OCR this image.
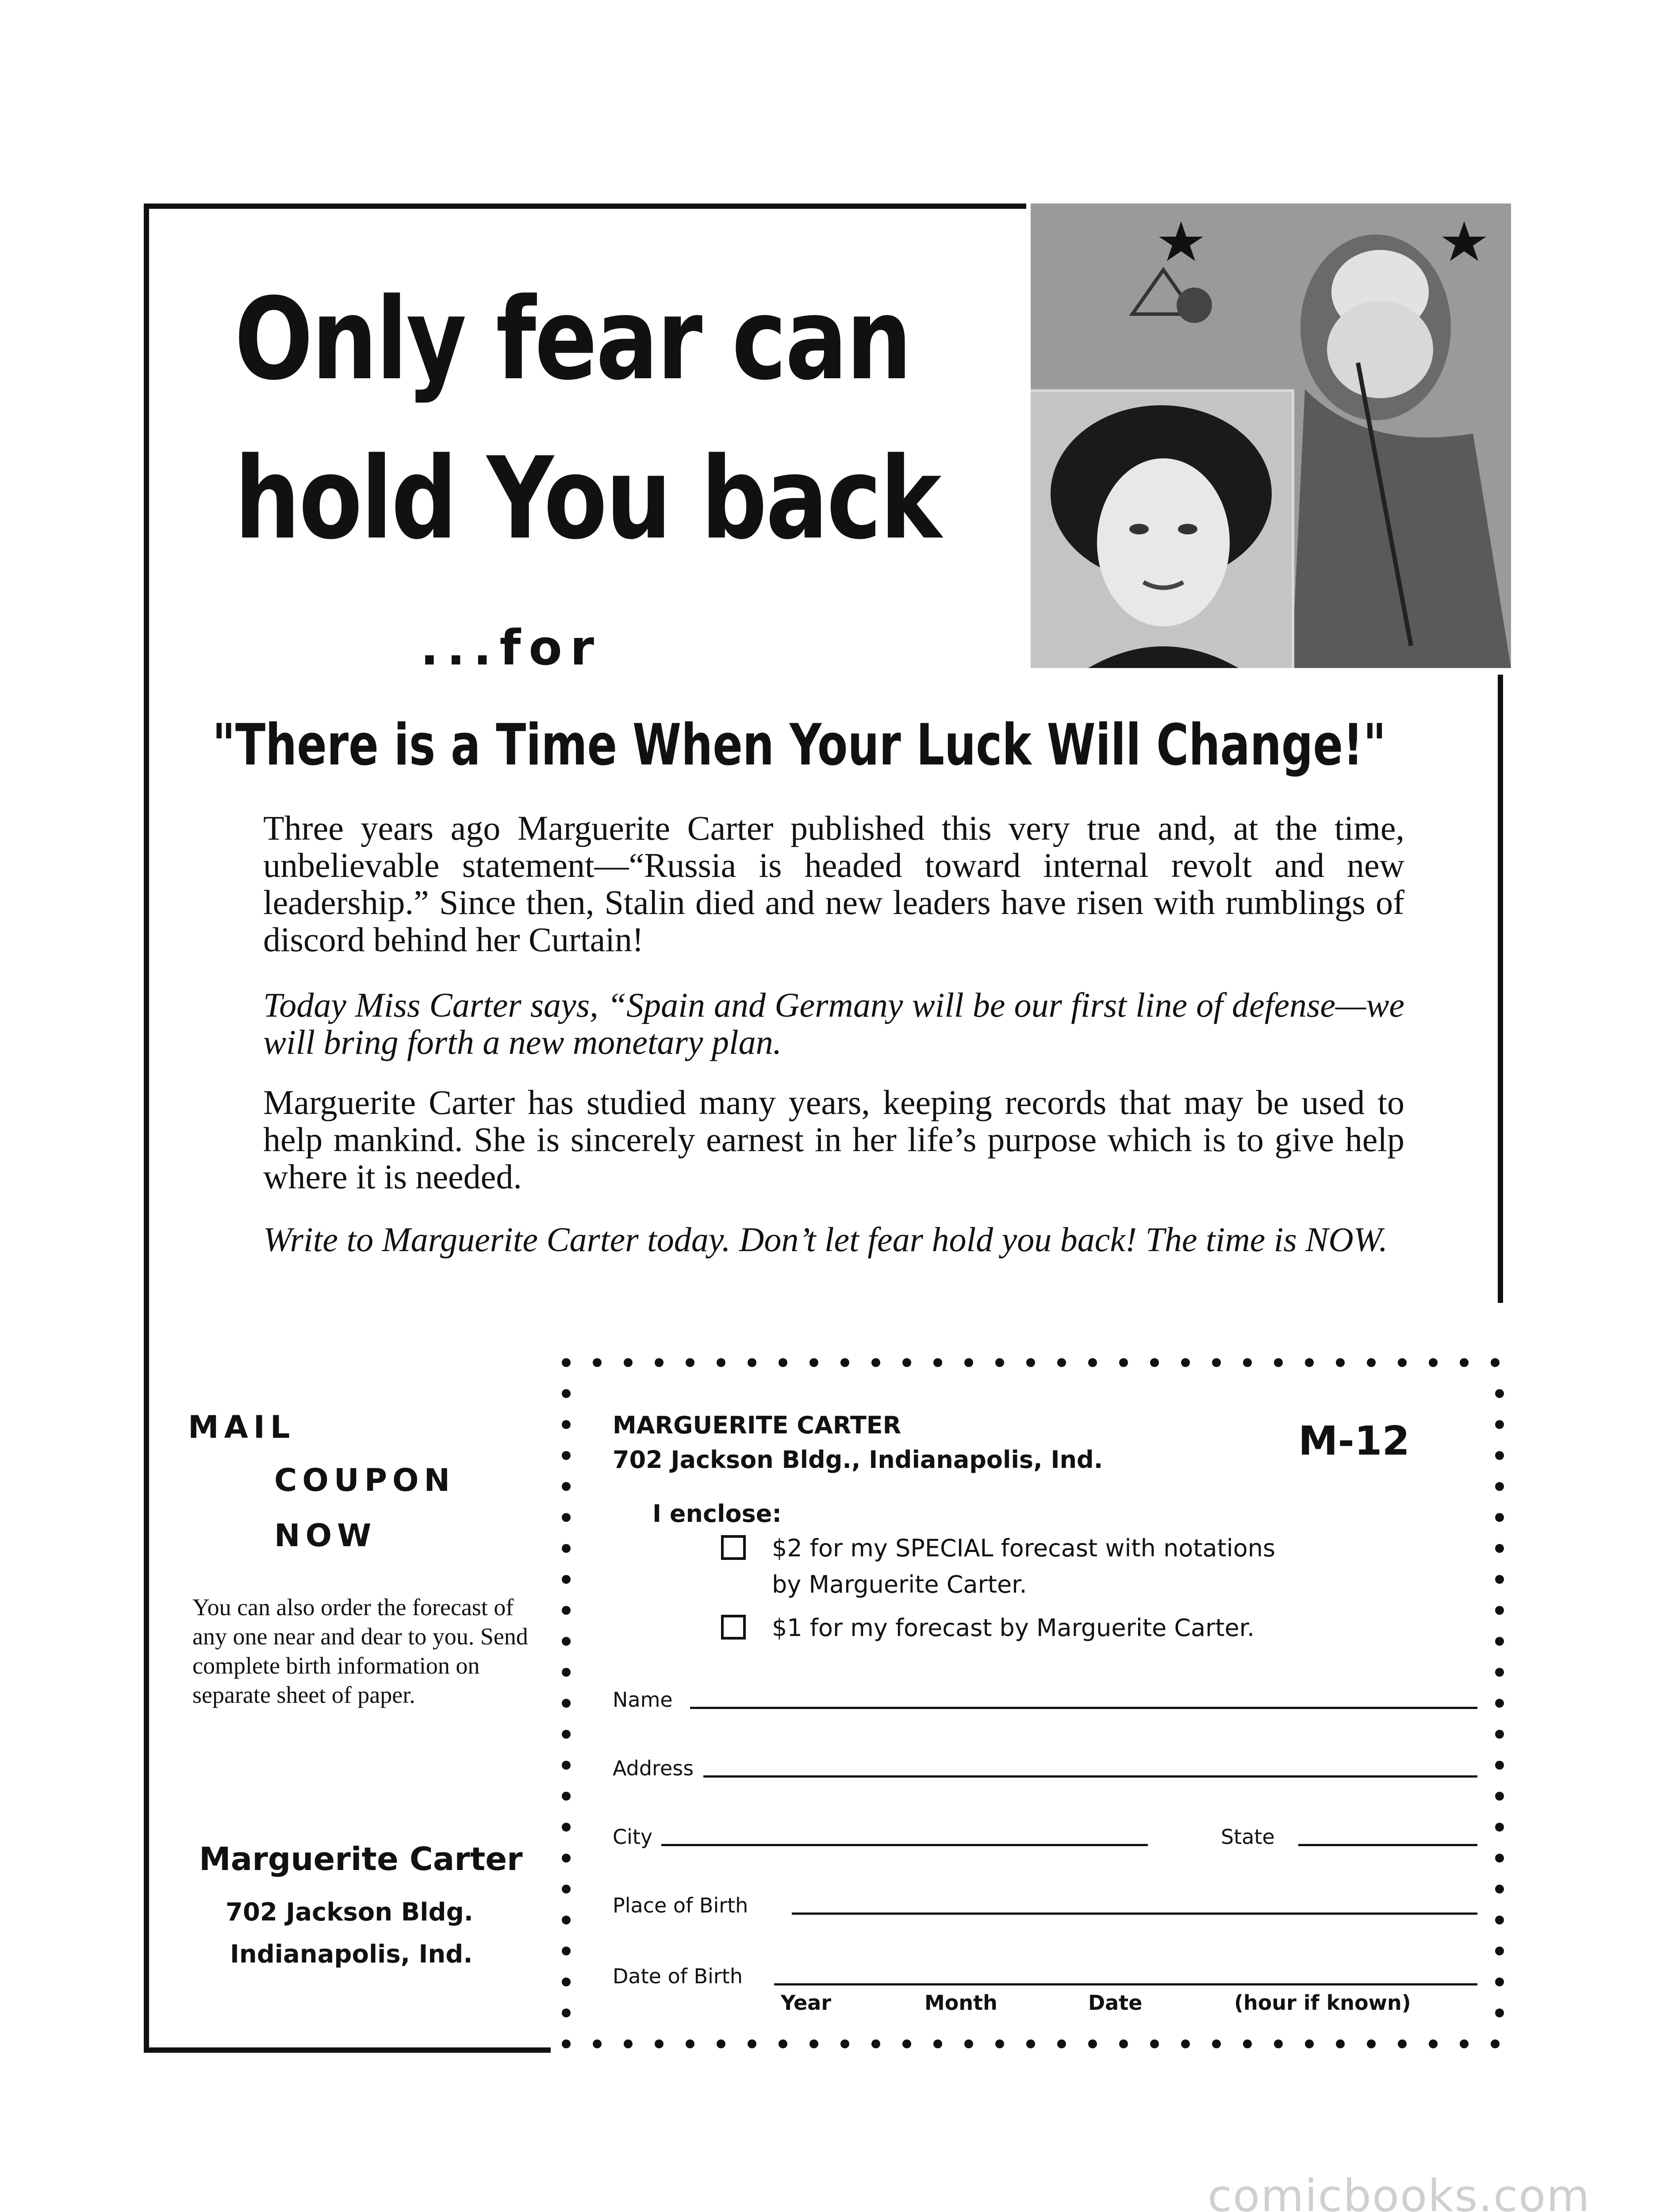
Only fear can
hold You back
...for
"There is a Time When Your Luck Will Change!"
Three years ago Marguerite Carter published this very true and, at the time, unbelievable statement—“Russia is headed toward internal revolt and new leadership.” Since then, Stalin died and new leaders have risen with rumblings of discord behind her Curtain!
Today Miss Carter says, “Spain and Germany will be our first line of defense—we will bring forth a new monetary plan.
Marguerite Carter has studied many years, keeping records that may be used to help mankind. She is sincerely earnest in her life’s purpose which is to give help where it is needed.
Write to Marguerite Carter today. Don’t let fear hold you back! The time is NOW.
MAIL
COUPON
NOW
You can also order the forecast of any one near and dear to you. Send complete birth information on separate sheet of paper.
Marguerite Carter
702 Jackson Bldg.
Indianapolis, Ind.
MARGUERITE CARTER
702 Jackson Bldg., Indianapolis, Ind.	M-12
I enclose:
$2 for my SPECIAL forecast with notations
by Marguerite Carter.
$1 for my forecast by Marguerite Carter.
Name
Address
City	State
Place of Birth
Date of Birth
Year	Month	Date	(hour if known)
comicbooks.com
